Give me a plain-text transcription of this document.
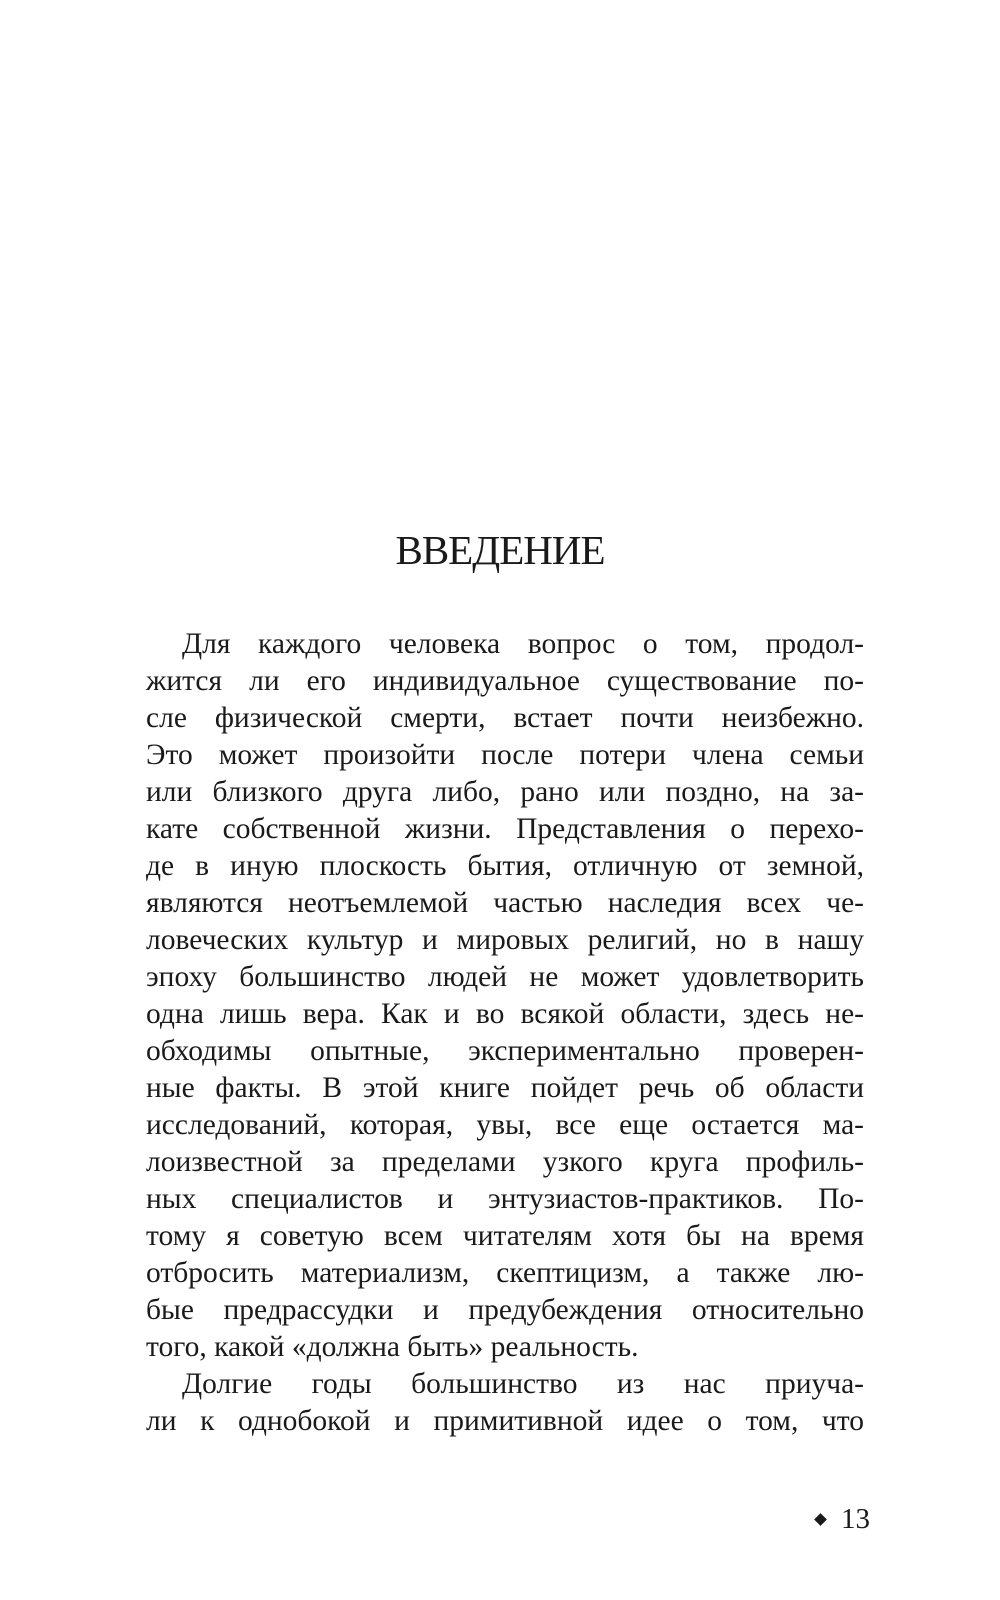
ВВЕДЕНИЕ
Для каждого человека вопрос о том, продол-
жится ли его индивидуальное существование по-
сле физической смерти, встает почти неизбежно.
Это может произойти после потери члена семьи
или близкого друга либо, рано или поздно, на за-
кате собственной жизни. Представления о перехо-
де в иную плоскость бытия, отличную от земной,
являются неотъемлемой частью наследия всех че-
ловеческих культур и мировых религий, но в нашу
эпоху большинство людей не может удовлетворить
одна лишь вера. Как и во всякой области, здесь не-
обходимы опытные, экспериментально проверен-
ные факты. В этой книге пойдет речь об области
исследований, которая, увы, все еще остается ма-
лоизвестной за пределами узкого круга профиль-
ных специалистов и энтузиастов-практиков. По-
тому я советую всем читателям хотя бы на время
отбросить материализм, скептицизм, а также лю-
бые предрассудки и предубеждения относительно
того, какой «должна быть» реальность.
Долгие годы большинство из нас приуча-
ли к однобокой и примитивной идее о том, что
13
